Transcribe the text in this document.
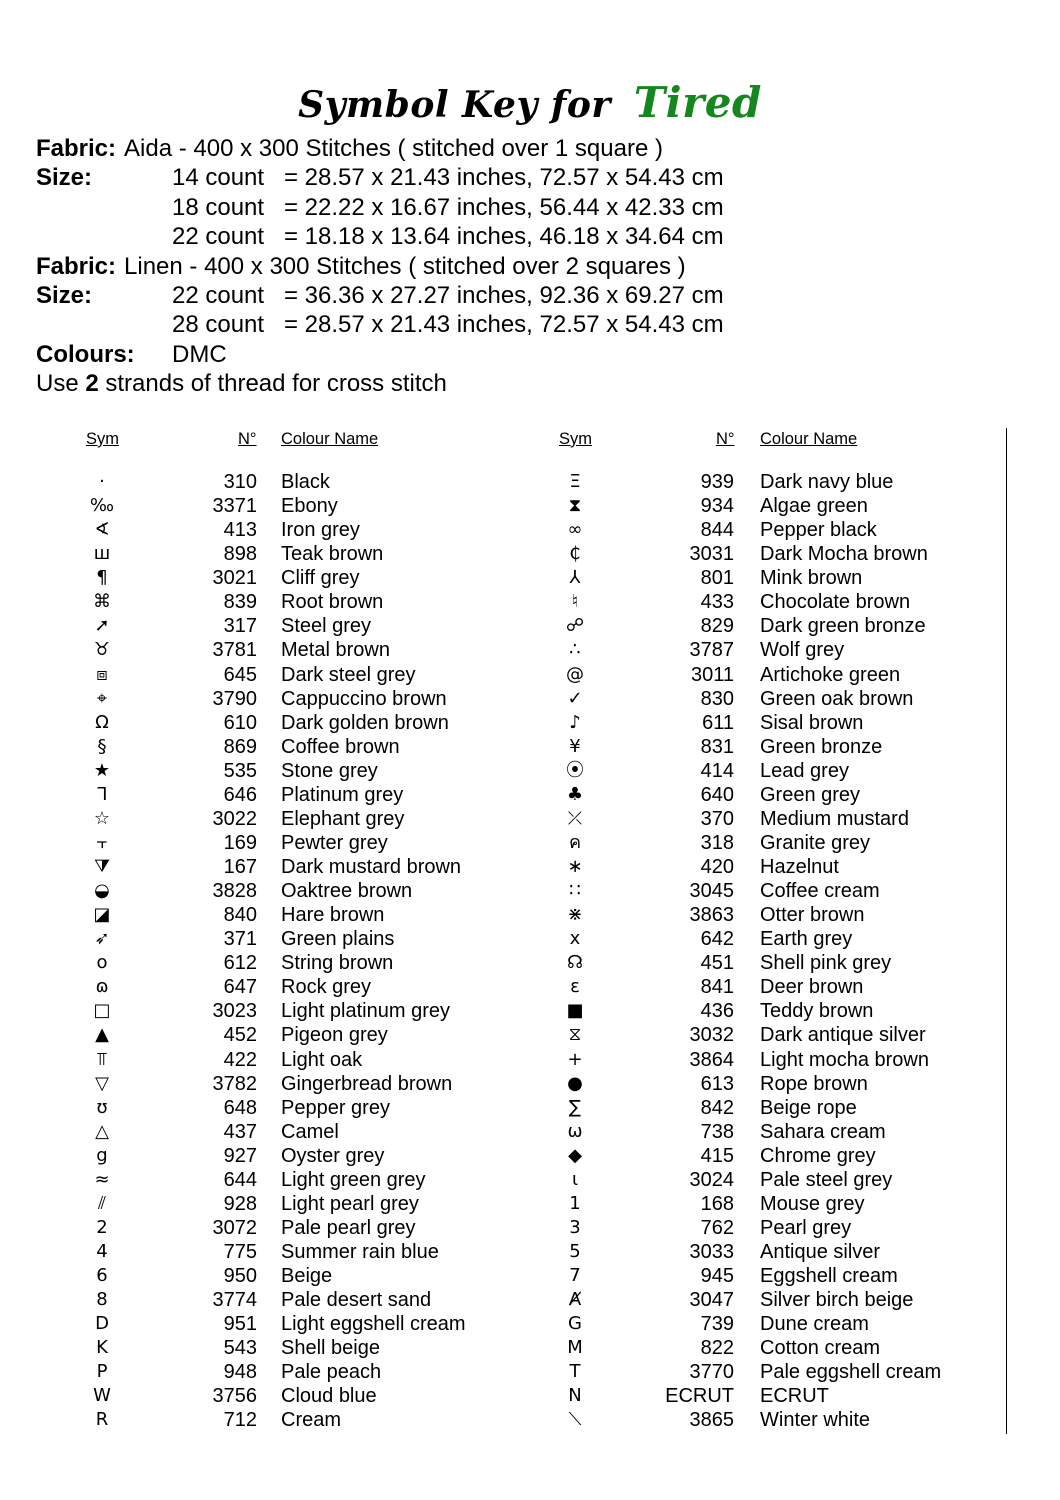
Symbol Key for Tired
Fabric: Aida - 400 x 300 Stitches ( stitched over 1 square )
Size:	14 count = 28.57 x 21.43 inches, 72.57 x 54.43 cm
18 count = 22.22 x 16.67 inches, 56.44 x 42.33 cm
22 count = 18.18 x 13.64 inches, 46.18 x 34.64 cm
Fabric: Linen - 400 x 300 Stitches ( stitched over 2 squares )
Size:	22 count = 36.36 x 27.27 inches, 92.36 x 69.27 cm
28 count = 28.57 x 21.43 inches, 72.57 x 54.43 cm
Colours: DMC
Use 2 strands of thread for cross stitch
Sym	N° Colour Name	Sym	N° Colour Name
·	310 Black
‰	3371 Ebony
∢	413 Iron grey
ш	898 Teak brown
¶	3021 Cliff grey
⌘	839 Root brown
➚	317 Steel grey
♉	3781 Metal brown
⧈	645 Dark steel grey
⌖	3790 Cappuccino brown
Ω	610 Dark golden brown
§	869 Coffee brown
★	535 Stone grey
ᒣ	646 Platinum grey
☆	3022 Elephant grey
⫟	169 Pewter grey
⧩	167 Dark mustard brown
◒	3828 Oaktree brown
◪	840 Hare brown
➶	371 Green plains
o	612 String brown
ɷ	647 Rock grey
□	3023 Light platinum grey
▲	452 Pigeon grey
⫪	422 Light oak
▽	3782 Gingerbread brown
ʊ	648 Pepper grey
△	437 Camel
g	927 Oyster grey
≈	644 Light green grey
⫽	928 Light pearl grey
2	3072 Pale pearl grey
4	775 Summer rain blue
6	950 Beige
8	3774 Pale desert sand
D	951 Light eggshell cream
K	543 Shell beige
P	948 Pale peach
W	3756 Cloud blue
R	712 Cream
Ξ	939 Dark navy blue
⧗	934 Algae green
∞	844 Pepper black
₵	3031 Dark Mocha brown
⅄	801 Mink brown
♮	433 Chocolate brown
☍	829 Dark green bronze
∴	3787 Wolf grey
@	3011 Artichoke green
✓	830 Green oak brown
♪	611 Sisal brown
¥	831 Green bronze
⦿	414 Lead grey
♣	640 Green grey
⤫	370 Medium mustard
ค	318 Granite grey
∗	420 Hazelnut
∷	3045 Coffee cream
⋇	3863 Otter brown
x	642 Earth grey
☊	451 Shell pink grey
ɛ	841 Deer brown
■	436 Teddy brown
⧖	3032 Dark antique silver
+	3864 Light mocha brown
●	613 Rope brown
∑	842 Beige rope
ω	738 Sahara cream
◆	415 Chrome grey
ɩ	3024 Pale steel grey
1	168 Mouse grey
3	762 Pearl grey
5	3033 Antique silver
7	945 Eggshell cream
Ⱥ	3047 Silver birch beige
G	739 Dune cream
M	822 Cotton cream
T	3770 Pale eggshell cream
N	ECRUT ECRUT
⟍	3865 Winter white
